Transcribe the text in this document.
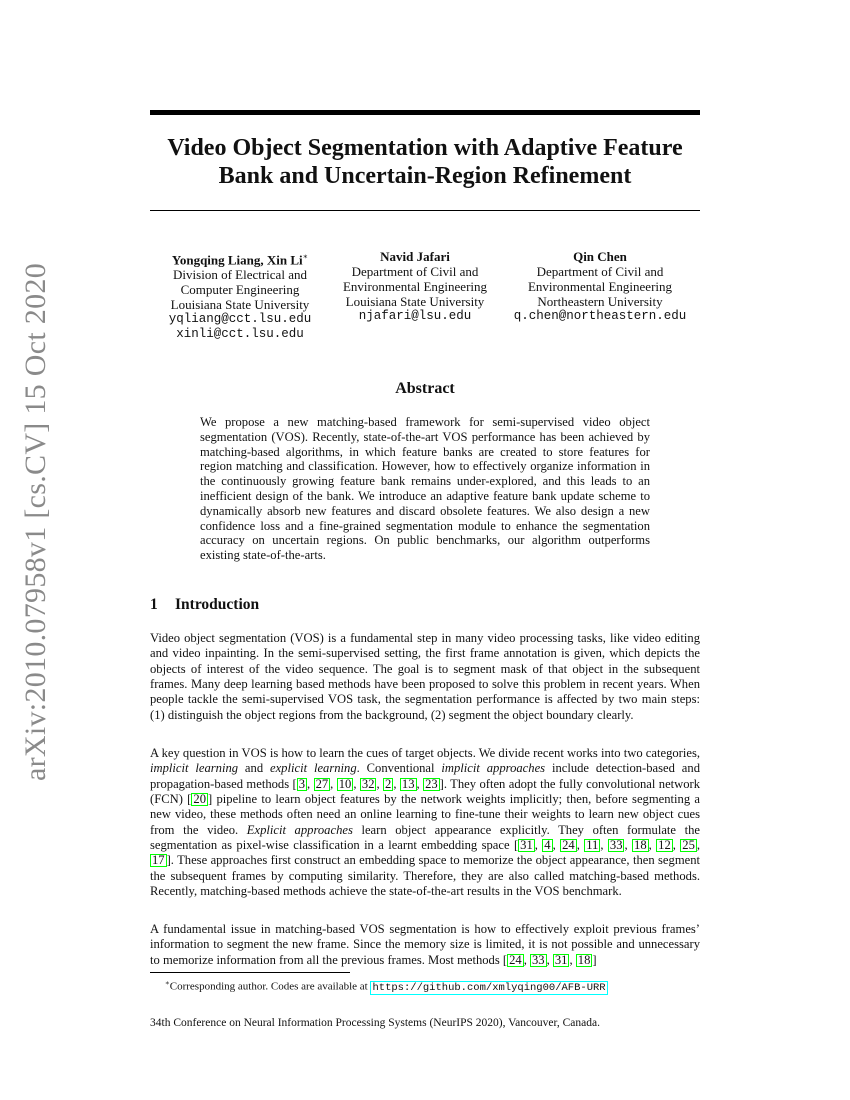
arXiv:2010.07958v1 [cs.CV] 15 Oct 2020
Video Object Segmentation with Adaptive Feature
Bank and Uncertain-Region Refinement
Yongqing Liang, Xin Li∗
Division of Electrical and
Computer Engineering
Louisiana State University
yqliang@cct.lsu.edu
xinli@cct.lsu.edu
Navid Jafari
Department of Civil and
Environmental Engineering
Louisiana State University
njafari@lsu.edu
Qin Chen
Department of Civil and
Environmental Engineering
Northeastern University
q.chen@northeastern.edu
Abstract
We propose a new matching-based framework for semi-supervised video object segmentation (VOS). Recently, state-of-the-art VOS performance has been achieved by matching-based algorithms, in which feature banks are created to store features for region matching and classification. However, how to effectively organize information in the continuously growing feature bank remains under-explored, and this leads to an inefficient design of the bank. We introduce an adaptive feature bank update scheme to dynamically absorb new features and discard obsolete features. We also design a new confidence loss and a fine-grained segmentation module to enhance the segmentation accuracy on uncertain regions. On public benchmarks, our algorithm outperforms existing state-of-the-arts.
1 Introduction
Video object segmentation (VOS) is a fundamental step in many video processing tasks, like video editing and video inpainting. In the semi-supervised setting, the first frame annotation is given, which depicts the objects of interest of the video sequence. The goal is to segment mask of that object in the subsequent frames. Many deep learning based methods have been proposed to solve this problem in recent years. When people tackle the semi-supervised VOS task, the segmentation performance is affected by two main steps: (1) distinguish the object regions from the background, (2) segment the object boundary clearly.
A key question in VOS is how to learn the cues of target objects. We divide recent works into two categories, implicit learning and explicit learning. Conventional implicit approaches include detection-based and propagation-based methods [ 3 , 27 , 10 , 32 , 2 , 13 , 23 ]. They often adopt the fully convolutional network (FCN) [ 20 ] pipeline to learn object features by the network weights implicitly; then, before segmenting a new video, these methods often need an online learning to fine-tune their weights to learn new object cues from the video. Explicit approaches learn object appearance explicitly. They often formulate the segmentation as pixel-wise classification in a learnt embedding space [ 31 , 4 , 24 , 11 , 33 , 18 , 12 , 25 , 17 ]. These approaches first construct an embedding space to memorize the object appearance, then segment the subsequent frames by computing similarity. Therefore, they are also called matching-based methods. Recently, matching-based methods achieve the state-of-the-art results in the VOS benchmark.
A fundamental issue in matching-based VOS segmentation is how to effectively exploit previous frames’ information to segment the new frame. Since the memory size is limited, it is not possible and unnecessary to memorize information from all the previous frames. Most methods [ 24 , 33 , 31 , 18 ]
∗Corresponding author. Codes are available at https://github.com/xmlyqing00/AFB-URR
34th Conference on Neural Information Processing Systems (NeurIPS 2020), Vancouver, Canada.
